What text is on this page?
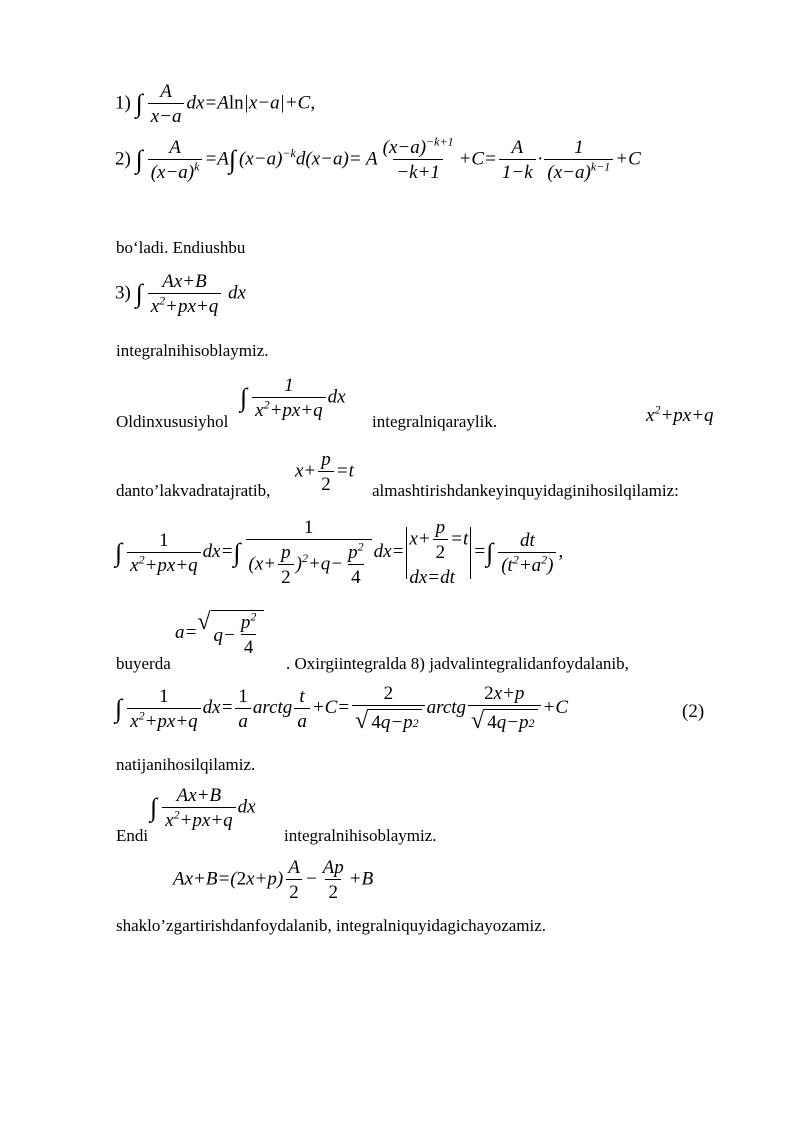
1) ∫ $\frac{A}{x-a} dx=Aln|x-a|+C$,
2) ∫ $\frac{A}{(x-a)^k} =A\int$ $(x-a)^{-k}d(x-a)= A \frac{(x-a)^{-k+1}}{-k+1} +C= \frac{A}{1-k} \cdot \frac{1}{(x-a)^{k-1}} +C$
bo‘ladi. Endiushbu
3) ∫ $\frac{Ax+B}{x^2+px+q}$ dx
integralnihisoblaymiz.
Oldinxususiyhol
∫ $\frac{1}{x^2+px+q}$ dx
integralniqaraylik.	$x^2+px+q$
danto’lakvadratajratib,
$x+ \frac{p}{2} =t$
almashtirishdankeyinquyidaginihosilqilamiz:
∫ $\frac{1}{x^2+px+q} dx=\int \frac{1}{(x+ \frac{p}{2} )^2+q- \frac{p^2}{4}} dx=$
$x+ \frac{p}{2} =t$
dx=dt
=∫ $\frac{dt}{(t^2+a^2)}$ ,
buyerda
a= √ $q- \frac{p^2}{4}$
. Oxirgiintegralda 8) jadvalintegralidanfoydalanib,
∫ $\frac{1}{x^2+px+q} dx= \frac{1}{a}$ arctg $\frac{t}{a} +C= \frac{2}{√ 4 q-p 2}$ arctg $\frac{2x+p}{√ 4 q-p 2} +C$	(2)
natijanihosilqilamiz.
Endi
∫ $\frac{Ax+B}{x^2+px+q}$ dx
integralnihisoblaymiz.
$Ax+B=(2x+p) \frac{A}{2} - \frac{Ap}{2} +B$
shaklo’zgartirishdanfoydalanib, integralniquyidagichayozamiz.
